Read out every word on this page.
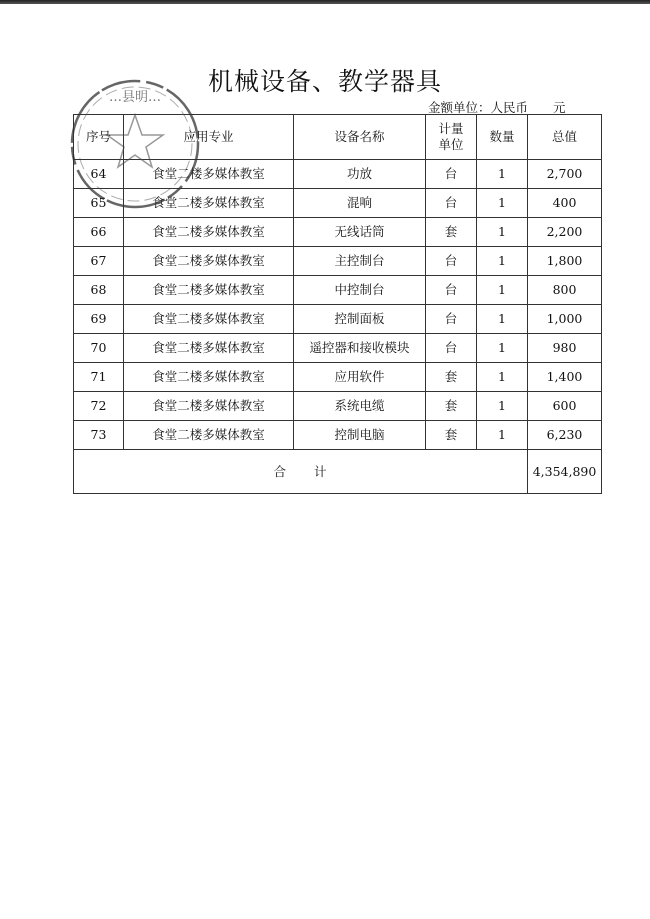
机械设备、教学器具
金额单位：人民币　　元
序号	应用专业	设备名称	计量单位	数量	总值
64	食堂二楼多媒体教室	功放	台	1	2,700
65	食堂二楼多媒体教室	混响	台	1	400
66	食堂二楼多媒体教室	无线话筒	套	1	2,200
67	食堂二楼多媒体教室	主控制台	台	1	1,800
68	食堂二楼多媒体教室	中控制台	台	1	800
69	食堂二楼多媒体教室	控制面板	台	1	1,000
70	食堂二楼多媒体教室	遥控器和接收模块	台	1	980
71	食堂二楼多媒体教室	应用软件	套	1	1,400
72	食堂二楼多媒体教室	系统电缆	套	1	600
73	食堂二楼多媒体教室	控制电脑	套	1	6,230
合　　计					4,354,890
…县明…
